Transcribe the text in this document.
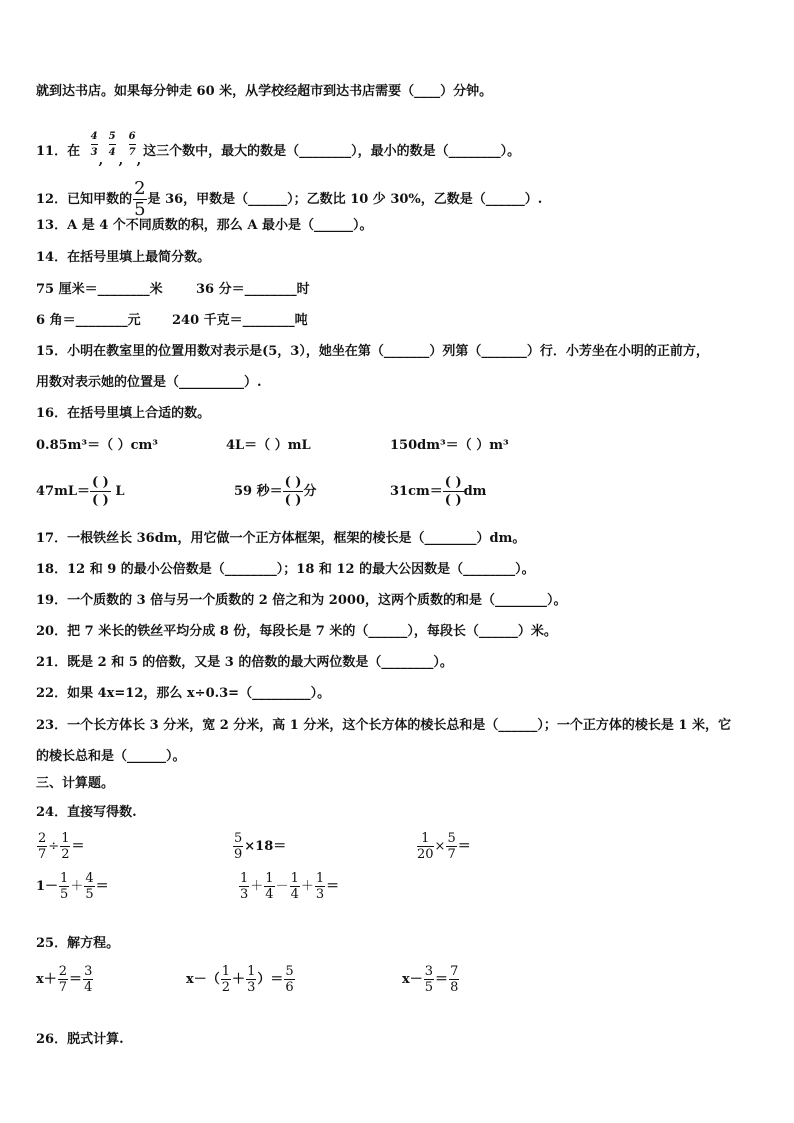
就到达书店。如果每分钟走 60 米，从学校经超市到达书店需要（____）分钟。
11．在
4
3
5
4
6
7
, , ,
这三个数中，最大的数是（________），最小的数是（________）。
12．已知甲数的 $\frac{2}{5}$ 是 36，甲数是（______）；乙数比 10 少 30%，乙数是（______）.
13．A 是 4 个不同质数的积，那么 A 最小是（______）。
14．在括号里填上最简分数。
75 厘米＝________米	36 分＝________时
6 角＝________元 240 千克＝________吨
15．小明在教室里的位置用数对表示是(5，3），她坐在第（_______）列第（_______）行．小芳坐在小明的正前方，
用数对表示她的位置是（__________）.
16．在括号里填上合适的数。
0.85m³＝（ ）cm³	4L＝（ ）mL	150dm³＝（ ）m³
$47mL= \frac{( )}{( )}$ L	59 秒＝ $\frac{( )}{( )}$ 分	$31cm= \frac{( )}{( )}$ dm
17．一根铁丝长 36dm，用它做一个正方体框架，框架的棱长是（________）dm。
18．12 和 9 的最小公倍数是（________）；18 和 12 的最大公因数是（________）。
19．一个质数的 3 倍与另一个质数的 2 倍之和为 2000，这两个质数的和是（________）。
20．把 7 米长的铁丝平均分成 8 份，每段长是 7 米的（______），每段长（______）米。
21．既是 2 和 5 的倍数，又是 3 的倍数的最大两位数是（________）。
22．如果 4x=12，那么 x÷0.3=（_________）。
23．一个长方体长 3 分米，宽 2 分米，高 1 分米，这个长方体的棱长总和是（______）；一个正方体的棱长是 1 米，它
的棱长总和是（______）。
三、计算题。
24．直接写得数.
$\frac{2}{7} \div \frac{1}{2}$ ＝	$\frac{5}{9} \times 18=$	$\frac{1}{20} \times \frac{5}{7}$ ＝
$1- \frac{1}{5} + \frac{4}{5}$ ＝	$\frac{1}{3} + \frac{1}{4} - \frac{1}{4} + \frac{1}{3}$ ＝
25．解方程。
$x+ \frac{2}{7} = \frac{3}{4}$	$x-( \frac{1}{2} + \frac{1}{3}$ ）＝ $\frac{5}{6}$	$x- \frac{3}{5} = \frac{7}{8}$
26．脱式计算.
